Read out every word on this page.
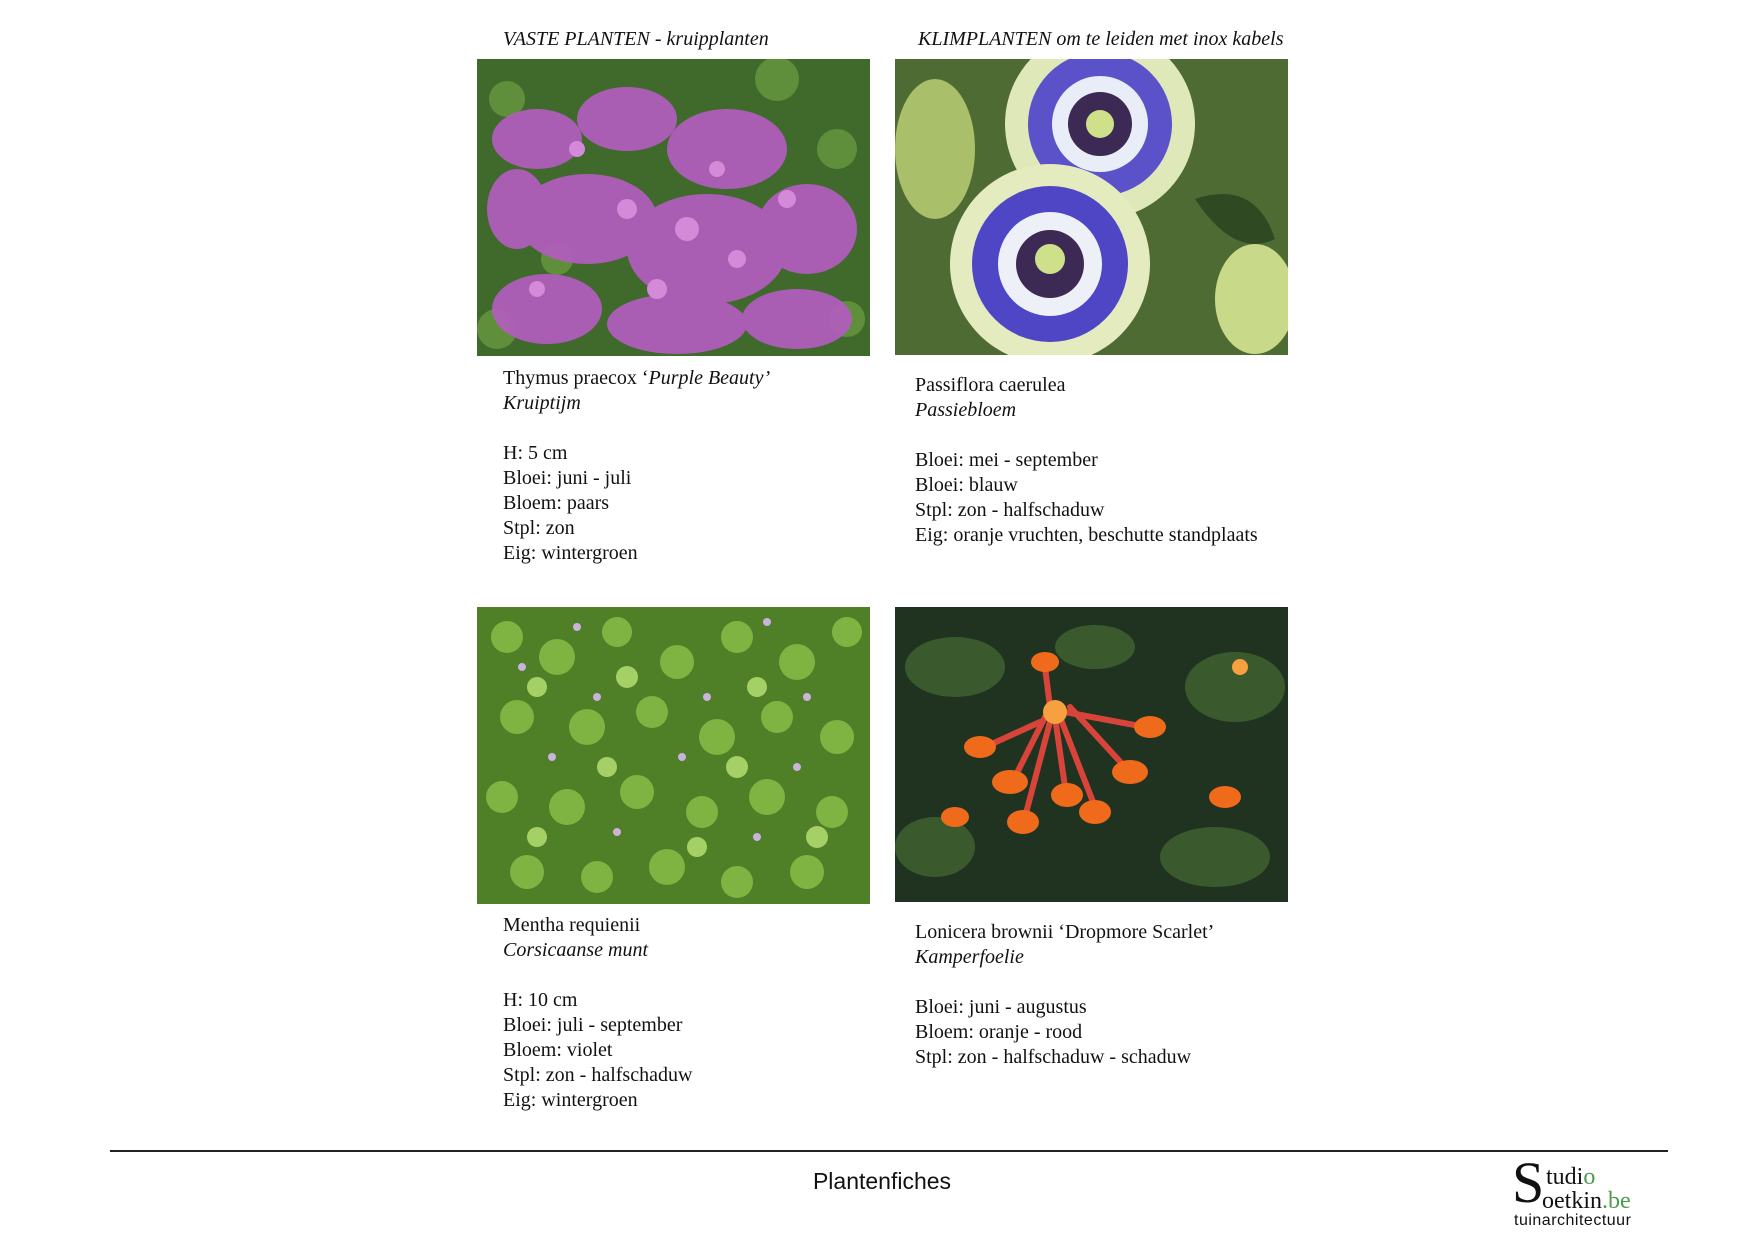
VASTE PLANTEN - kruipplanten	KLIMPLANTEN om te leiden met inox kabels
Thymus praecox ‘Purple Beauty’
Kruiptijm
H: 5 cm
Bloei: juni - juli
Bloem: paars
Stpl: zon
Eig: wintergroen
Passiflora caerulea
Passiebloem
Bloei: mei - september
Bloei: blauw
Stpl: zon - halfschaduw
Eig: oranje vruchten, beschutte standplaats
Mentha requienii
Corsicaanse munt
H: 10 cm
Bloei: juli - september
Bloem: violet
Stpl: zon - halfschaduw
Eig: wintergroen
Lonicera brownii ‘Dropmore Scarlet’
Kamperfoelie
Bloei: juni - augustus
Bloem: oranje - rood
Stpl: zon - halfschaduw - schaduw
Plantenfiches	S tudio
oetkin.be
tuinarchitectuur
